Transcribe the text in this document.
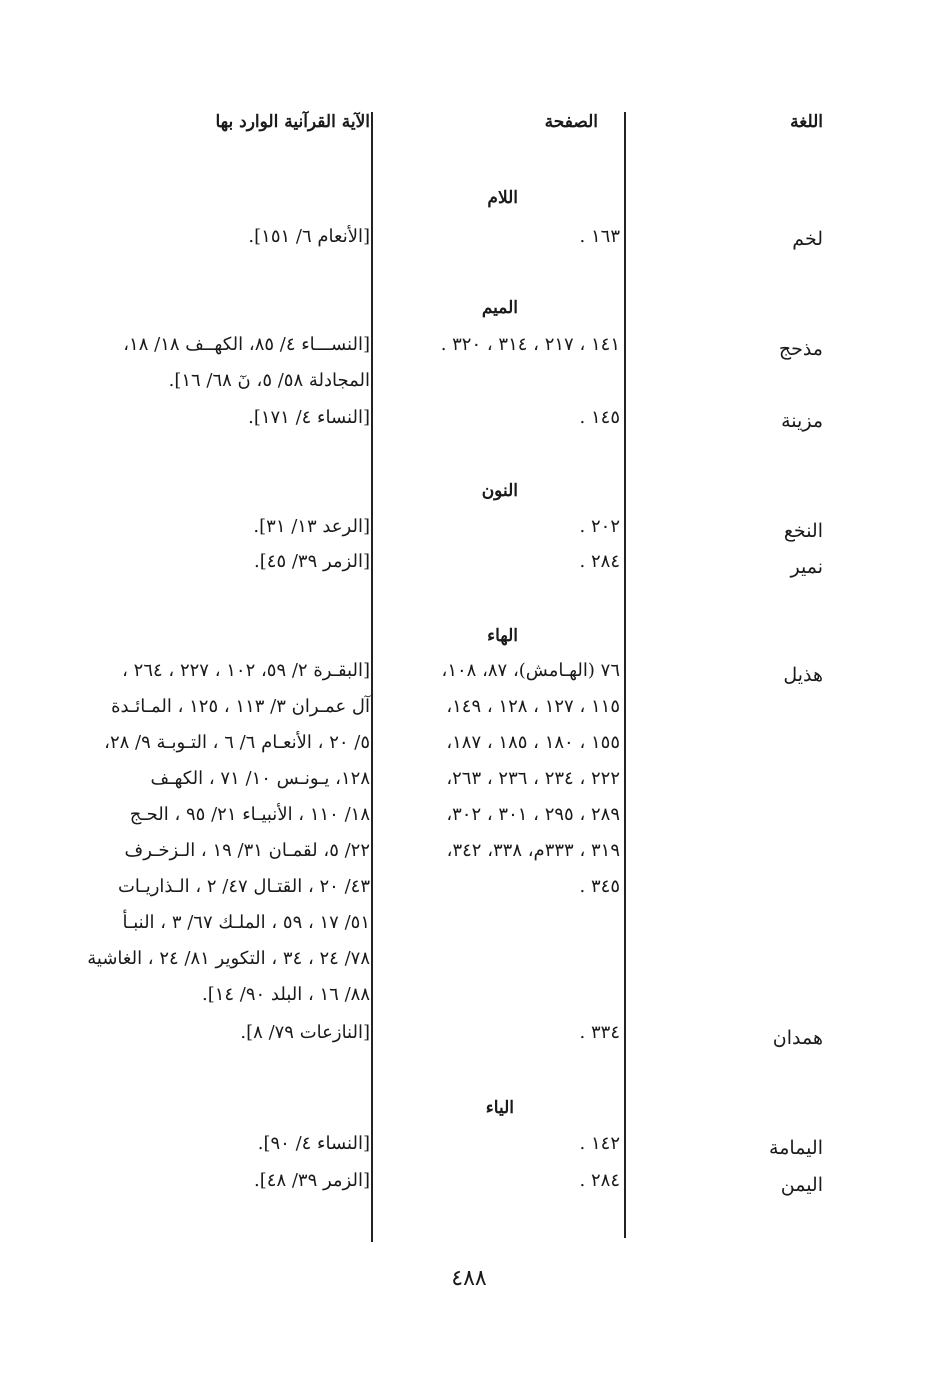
اللغة
الصفحة
الآية القرآنية الوارد بها
اللام
لخم
١٦٣ .
[الأنعام ٦/ ١٥١].
الميم
مذحج
١٤١ ، ٢١٧ ، ٣١٤ ، ٣٢٠ .
[النســـاء ٤/ ٨٥، الكهــف ١٨/ ١٨،
المجادلة ٥٨/ ٥، نٓ ٦٨/ ١٦].
مزينة
١٤٥ .
[النساء ٤/ ١٧١].
النون
النخع
٢٠٢ .
[الرعد ١٣/ ٣١].
نمير
٢٨٤ .
[الزمر ٣٩/ ٤٥].
الهاء
هذيل
٧٦ (الهـامش)، ٨٧، ١٠٨،
١١٥ ، ١٢٧ ، ١٢٨ ، ١٤٩،
١٥٥ ، ١٨٠ ، ١٨٥ ، ١٨٧،
٢٢٢ ، ٢٣٤ ، ٢٣٦ ، ٢٦٣،
٢٨٩ ، ٢٩٥ ، ٣٠١ ، ٣٠٢،
٣١٩ ، ٣٣٣م، ٣٣٨، ٣٤٢،
٣٤٥ .
[البقـرة ٢/ ٥٩، ١٠٢ ، ٢٢٧ ، ٢٦٤ ،
آل عمـران ٣/ ١١٣ ، ١٢٥ ، المـائـدة
٥/ ٢٠ ، الأنعـام ٦/ ٦ ، التـوبـة ٩/ ٢٨،
١٢٨، يـونـس ١٠/ ٧١ ، الكهـف
١٨/ ١١٠ ، الأنبيـاء ٢١/ ٩٥ ، الحـج
٢٢/ ٥، لقمـان ٣١/ ١٩ ، الـزخـرف
٤٣/ ٢٠ ، القتـال ٤٧/ ٢ ، الـذاريـات
٥١/ ١٧ ، ٥٩ ، الملـك ٦٧/ ٣ ، النبـأ
٧٨/ ٢٤ ، ٣٤ ، التكوير ٨١/ ٢٤ ، الغاشية
٨٨/ ١٦ ، البلد ٩٠/ ١٤].
همدان
٣٣٤ .
[النازعات ٧٩/ ٨].
الياء
اليمامة
١٤٢ .
[النساء ٤/ ٩٠].
اليمن
٢٨٤ .
[الزمر ٣٩/ ٤٨].
٤٨٨
